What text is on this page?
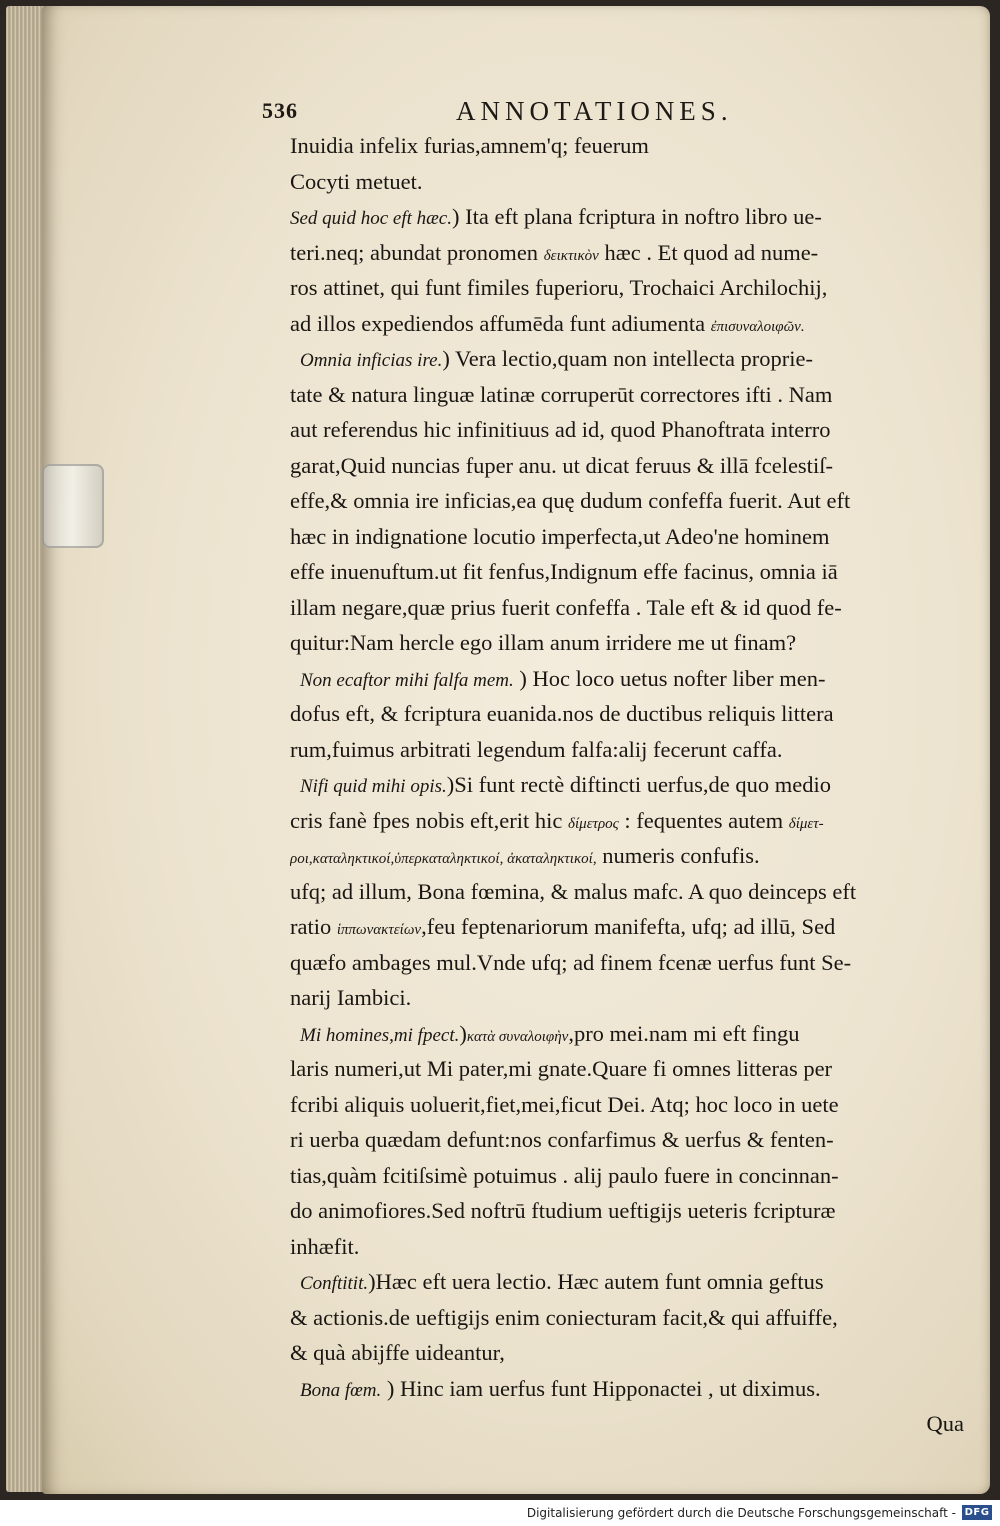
536	ANNOTATIONES.
Inuidia infelix furias,amnem'q; feuerum
Cocyti metuet.
Sed quid hoc eft hæc.) Ita eft plana fcriptura in noftro libro ue-
teri.neq; abundat pronomen δεικτικὸν hæc . Et quod ad nume-
ros attinet, qui funt fimiles fuperioru, Trochaici Archilochij,
ad illos expediendos affumēda funt adiumenta ἐπισυναλοιφῶν.
Omnia inficias ire.) Vera lectio,quam non intellecta proprie-
tate & natura linguæ latinæ corruperūt correctores ifti . Nam
aut referendus hic infinitiuus ad id, quod Phanoftrata interro
garat,Quid nuncias fuper anu. ut dicat feruus & illā fcelestiſ-
effe,& omnia ire inficias,ea quę dudum confeffa fuerit. Aut eft
hæc in indignatione locutio imperfecta,ut Adeo'ne hominem
effe inuenuftum.ut fit fenfus,Indignum effe facinus, omnia iā
illam negare,quæ prius fuerit confeffa . Tale eft & id quod fe-
quitur:Nam hercle ego illam anum irridere me ut finam?
Non ecaftor mihi falfa mem. ) Hoc loco uetus nofter liber men-
dofus eft, & fcriptura euanida.nos de ductibus reliquis littera
rum,fuimus arbitrati legendum falfa:alij fecerunt caffa.
Nifi quid mihi opis.)Si funt rectè diftincti uerfus,de quo medio
cris fanè fpes nobis eft,erit hic δίμετρος : fequentes autem δίμετ-
ροι,καταληκτικοί,ὑπερκαταληκτικοί, ἀκαταληκτικοί, numeris confufis.
ufq; ad illum, Bona fœmina, & malus mafc. A quo deinceps eft
ratio ἱππωνακτείων,feu feptenariorum manifefta, ufq; ad illū, Sed
quæfo ambages mul.Vnde ufq; ad finem fcenæ uerfus funt Se-
narij Iambici.
Mi homines,mi fpect.)κατὰ συναλοιφὴν,pro mei.nam mi eft fingu
laris numeri,ut Mi pater,mi gnate.Quare fi omnes litteras per
fcribi aliquis uoluerit,fiet,mei,ficut Dei. Atq; hoc loco in uete
ri uerba quædam defunt:nos confarfimus & uerfus & fenten-
tias,quàm fcitiſsimè potuimus . alij paulo fuere in concinnan-
do animofiores.Sed noftrū ftudium ueftigijs ueteris fcripturæ
inhæfit.
Conftitit.)Hæc eft uera lectio. Hæc autem funt omnia geftus
& actionis.de ueftigijs enim coniecturam facit,& qui affuiffe,
& quà abijffe uideantur,
Bona fœm. ) Hinc iam uerfus funt Hipponactei , ut diximus.
Qua
Digitalisierung gefördert durch die Deutsche Forschungsgemeinschaft - DFG
